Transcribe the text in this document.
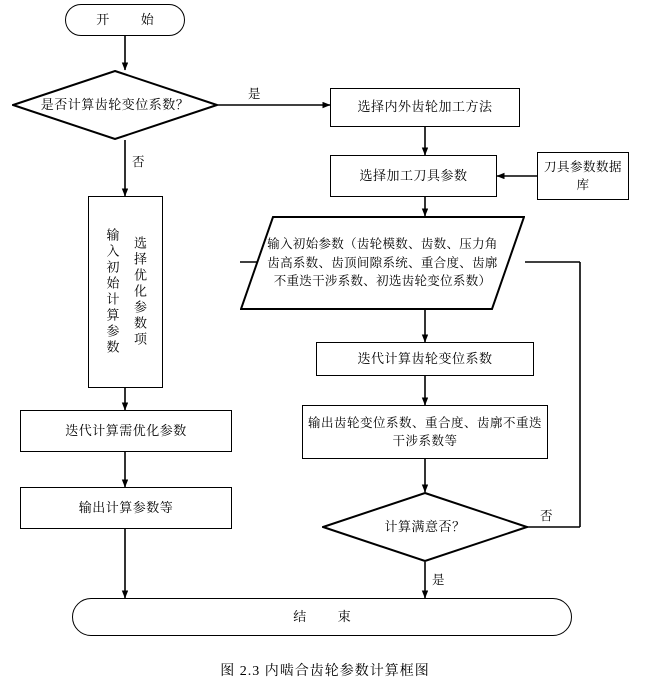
开 始
是否计算齿轮变位系数？
是
否
输入初始计算参数 选择优化参数项
迭代计算需优化参数
输出计算参数等
选择内外齿轮加工方法
选择加工刀具参数
刀具参数数据库
输入初始参数（齿轮模数、齿数、压力角齿高系数、齿顶间隙系统、重合度、齿廓不重迭干涉系数、初选齿轮变位系数）
迭代计算齿轮变位系数
输出齿轮变位系数、重合度、齿廓不重迭干涉系数等
计算满意否？
否
是
结 束
图 2.3 内啮合齿轮参数计算框图
